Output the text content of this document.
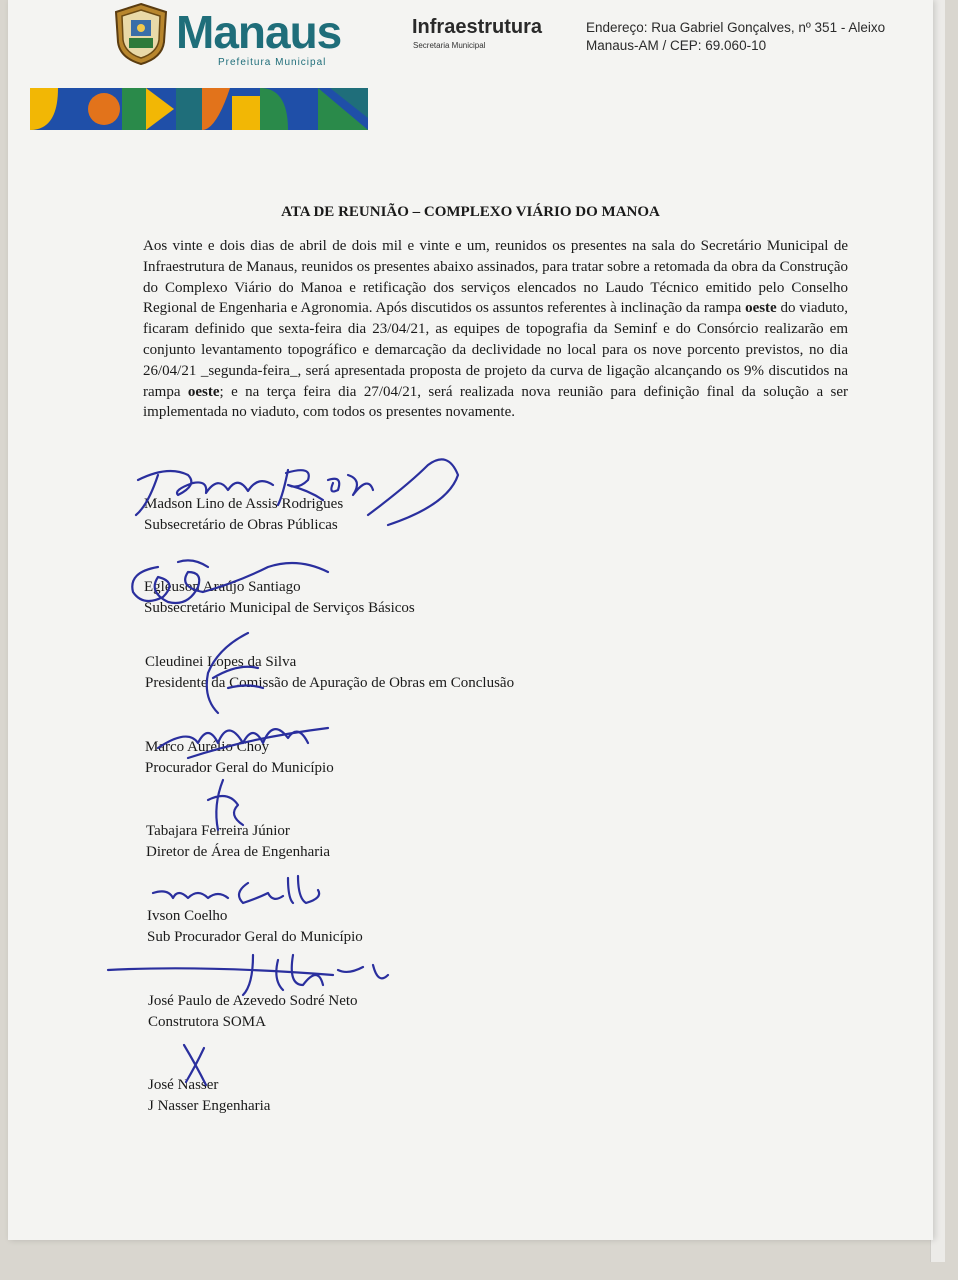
Manaus
Prefeitura Municipal
Infraestrutura
Secretaria Municipal
Endereço: Rua Gabriel Gonçalves, nº 351 - Aleixo
Manaus-AM / CEP: 69.060-10
ATA DE REUNIÃO – COMPLEXO VIÁRIO DO MANOA
Aos vinte e dois dias de abril de dois mil e vinte e um, reunidos os presentes na sala do Secretário Municipal de Infraestrutura de Manaus, reunidos os presentes abaixo assinados, para tratar sobre a retomada da obra da Construção do Complexo Viário do Manoa e retificação dos serviços elencados no Laudo Técnico emitido pelo Conselho Regional de Engenharia e Agronomia. Após discutidos os assuntos referentes à inclinação da rampa oeste do viaduto, ficaram definido que sexta-feira dia 23/04/21, as equipes de topografia da Seminf e do Consórcio realizarão em conjunto levantamento topográfico e demarcação da declividade no local para os nove porcento previstos, no dia 26/04/21 _segunda-feira_, será apresentada proposta de projeto da curva de ligação alcançando os 9% discutidos na rampa oeste; e na terça feira dia 27/04/21, será realizada nova reunião para definição final da solução a ser implementada no viaduto, com todos os presentes novamente.
Madson Lino de Assis Rodrigues
Subsecretário de Obras Públicas
Egleuson Araújo Santiago
Subsecretário Municipal de Serviços Básicos
Cleudinei Lopes da Silva
Presidente da Comissão de Apuração de Obras em Conclusão
Marco Aurélio Choy
Procurador Geral do Município
Tabajara Ferreira Júnior
Diretor de Área de Engenharia
Ivson Coelho
Sub Procurador Geral do Município
José Paulo de Azevedo Sodré Neto
Construtora SOMA
José Nasser
J Nasser Engenharia
